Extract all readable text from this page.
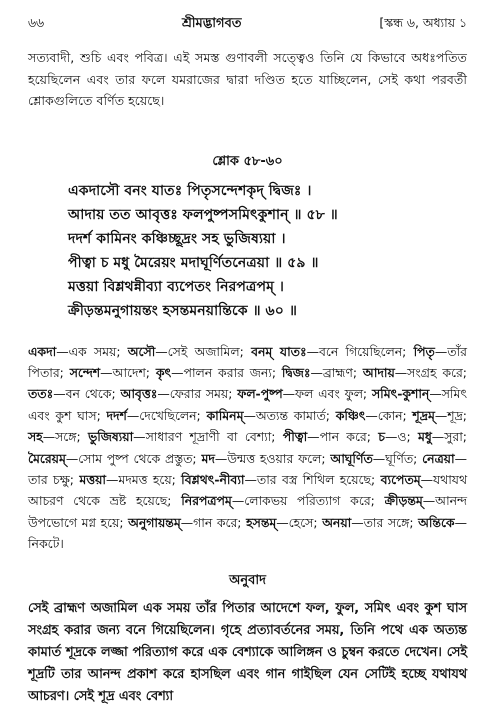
৬৬	শ্রীমদ্ভাগবত	[স্কন্ধ ৬, অধ্যায় ১

সত্যবাদী, শুচি এবং পবিত্র। এই সমস্ত গুণাবলী সত্ত্বেও তিনি যে কিভাবে অধঃপতিত হয়েছিলেন এবং তার ফলে যমরাজের দ্বারা দণ্ডিত হতে যাচ্ছিলেন, সেই কথা পরবর্তী শ্লোকগুলিতে বর্ণিত হয়েছে।

শ্লোক ৫৮-৬০
একদাসৌ বনং যাতঃ পিতৃসন্দেশকৃদ্ দ্বিজঃ ।
আদায় তত আবৃত্তঃ ফলপুষ্পসমিৎকুশান্ ॥ ৫৮ ॥
দদর্শ কামিনং কঞ্চিচ্ছূদ্রং সহ ভুজিষ্যয়া ।
পীত্বা চ মধু মৈরেয়ং মদাঘূর্ণিতনেত্রয়া ॥ ৫৯ ॥
মত্তয়া বিশ্লথন্নীব্যা ব্যপেতং নিরপত্রপম্ ।
ক্রীড়ন্তমনুগায়ন্তং হসন্তমনয়ান্তিকে ॥ ৬০ ॥
একদা—এক সময়; অসৌ—সেই অজামিল; বনম্ যাতঃ—বনে গিয়েছিলেন; পিতৃ—তাঁর পিতার; সন্দেশ—আদেশ; কৃৎ—পালন করার জন্য; দ্বিজঃ—ব্রাহ্মণ; আদায়—সংগ্রহ করে; ততঃ—বন থেকে; আবৃত্তঃ—ফেরার সময়; ফল-পুষ্প—ফল এবং ফুল; সমিৎ-কুশান্—সমিৎ এবং কুশ ঘাস; দদর্শ—দেখেছিলেন; কামিনম্—অত্যন্ত কামার্ত; কঞ্চিৎ—কোন; শূদ্রম্—শূদ্র; সহ—সঙ্গে; ভুজিষ্যয়া—সাধারণ শূদ্রাণী বা বেশ্যা; পীত্বা—পান করে; চ—ও; মধু—সুরা; মৈরেয়ম্—সোম পুষ্প থেকে প্রস্তুত; মদ—উন্মত্ত হওয়ার ফলে; আঘূর্ণিত—ঘূর্ণিত; নেত্রয়া—তার চক্ষু; মত্তয়া—মদমত্ত হয়ে; বিশ্লথৎ-নীব্যা—তার বস্ত্র শিথিল হয়েছে; ব্যপেতম্—যথাযথ আচরণ থেকে ভ্রষ্ট হয়েছে; নিরপত্রপম্—লোকভয় পরিত্যাগ করে; ক্রীড়ন্তম্—আনন্দ উপভোগে মগ্ন হয়ে; অনুগায়ন্তম্—গান করে; হসন্তম্—হেসে; অনয়া—তার সঙ্গে; অন্তিকে—নিকটে।
অনুবাদ

সেই ব্রাহ্মণ অজামিল এক সময় তাঁর পিতার আদেশে ফল, ফুল, সমিৎ এবং কুশ ঘাস সংগ্রহ করার জন্য বনে গিয়েছিলেন। গৃহে প্রত্যাবর্তনের সময়, তিনি পথে এক অত্যন্ত কামার্ত শূদ্রকে লজ্জা পরিত্যাগ করে এক বেশ্যাকে আলিঙ্গন ও চুম্বন করতে দেখেন। সেই শূদ্রটি তার আনন্দ প্রকাশ করে হাসছিল এবং গান গাইছিল যেন সেটিই হচ্ছে যথাযথ আচরণ। সেই শূদ্র এবং বেশ্যা
